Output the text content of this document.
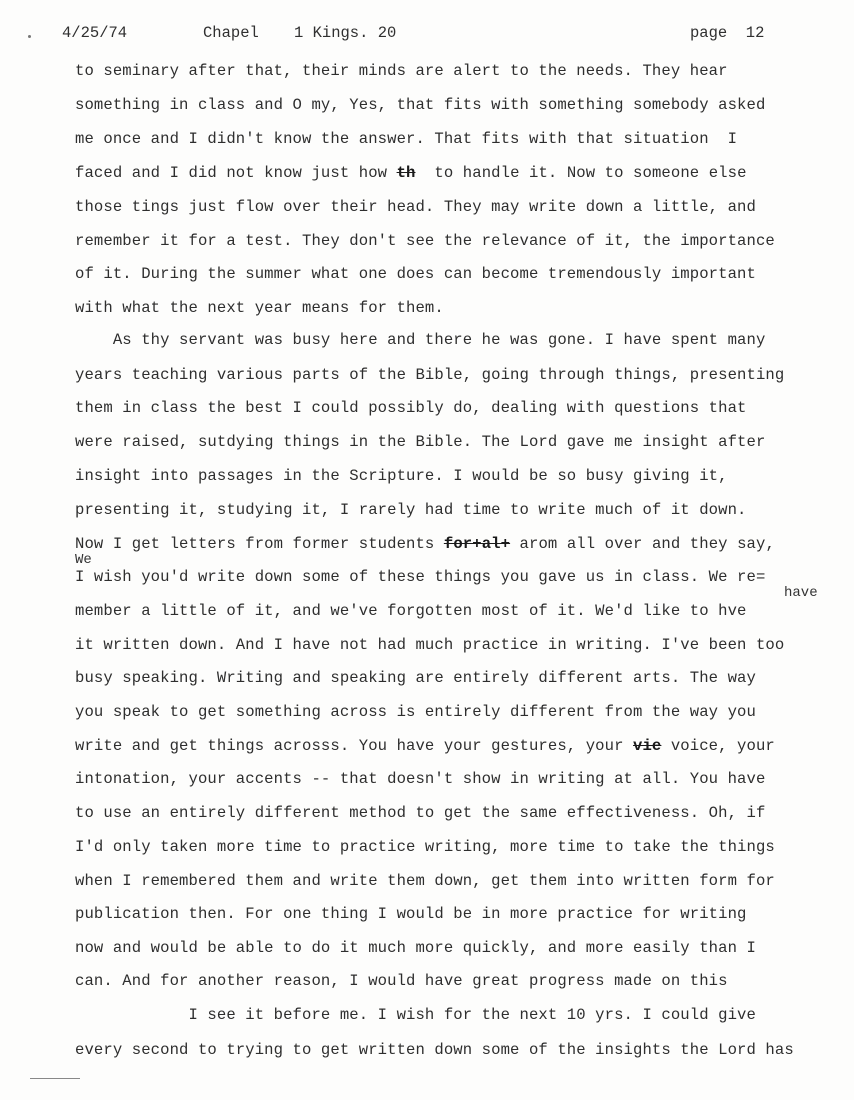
4/25/74	Chapel 1 Kings. 20	page  12
to seminary after that, their minds are alert to the needs. They hear
something in class and O my, Yes, that fits with something somebody asked
me once and I didn't know the answer. That fits with that situation  I
faced and I did not know just how th  to handle it. Now to someone else
those tings just flow over their head. They may write down a little, and
remember it for a test. They don't see the relevance of it, the importance
of it. During the summer what one does can become tremendously important
with what the next year means for them.
As thy servant was busy here and there he was gone. I have spent many
years teaching various parts of the Bible, going through things, presenting
them in class the best I could possibly do, dealing with questions that
were raised, sutdying things in the Bible. The Lord gave me insight after
insight into passages in the Scripture. I would be so busy giving it,
presenting it, studying it, I rarely had time to write much of it down.
Now I get letters from former students for+al+ arom all over and they say,
We
I wish you'd write down some of these things you gave us in class. We re=
have
member a little of it, and we've forgotten most of it. We'd like to hve
it written down. And I have not had much practice in writing. I've been too
busy speaking. Writing and speaking are entirely different arts. The way
you speak to get something across is entirely different from the way you
write and get things acrosss. You have your gestures, your vie voice, your
intonation, your accents -- that doesn't show in writing at all. You have
to use an entirely different method to get the same effectiveness. Oh, if
I'd only taken more time to practice writing, more time to take the things
when I remembered them and write them down, get them into written form for
publication then. For one thing I would be in more practice for writing
now and would be able to do it much more quickly, and more easily than I
can. And for another reason, I would have great progress made on this
I see it before me. I wish for the next 10 yrs. I could give
every second to trying to get written down some of the insights the Lord has
